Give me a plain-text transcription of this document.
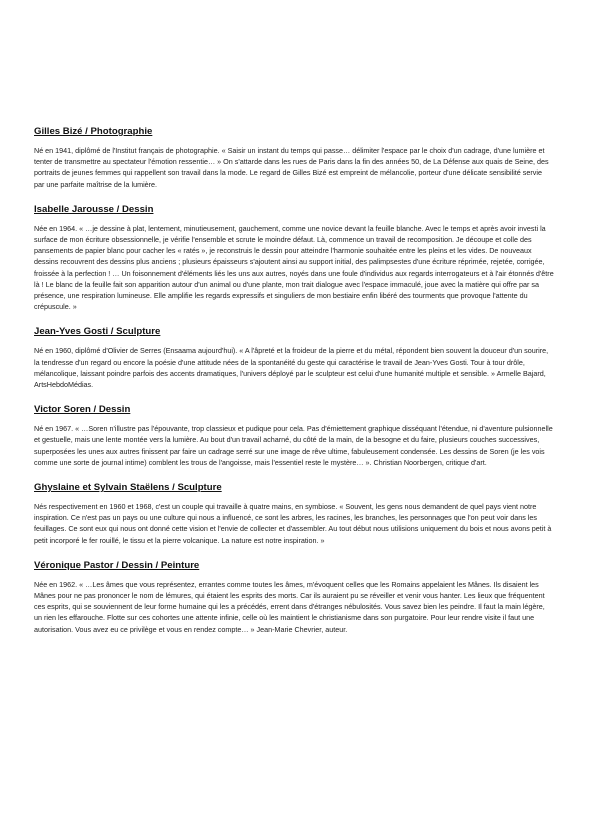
Gilles Bizé / Photographie

Né en 1941, diplômé de l'Institut français de photographie. « Saisir un instant du temps qui passe… délimiter l'espace par le choix d'un cadrage, d'une lumière et tenter de transmettre au spectateur l'émotion ressentie… » On s'attarde dans les rues de Paris dans la fin des années 50, de La Défense aux quais de Seine, des portraits de jeunes femmes qui rappellent son travail dans la mode. Le regard de Gilles Bizé est empreint de mélancolie, porteur d'une délicate sensibilité servie par une parfaite maîtrise de la lumière.

Isabelle Jarousse / Dessin

Née en 1964. « …je dessine à plat, lentement, minutieusement, gauchement, comme une novice devant la feuille blanche. Avec le temps et après avoir investi la surface de mon écriture obsessionnelle, je vérifie l'ensemble et scrute le moindre défaut. Là, commence un travail de recomposition. Je découpe et colle des pansements de papier blanc pour cacher les « ratés », je reconstruis le dessin pour atteindre l'harmonie souhaitée entre les pleins et les vides. De nouveaux dessins recouvrent des dessins plus anciens ; plusieurs épaisseurs s'ajoutent ainsi au support initial, des palimpsestes d'une écriture réprimée, rejetée, corrigée, froissée à la perfection ! … Un foisonnement d'éléments liés les uns aux autres, noyés dans une foule d'individus aux regards interrogateurs et à l'air étonnés d'être là ! Le blanc de la feuille fait son apparition autour d'un animal ou d'une plante, mon trait dialogue avec l'espace immaculé, joue avec la matière qui offre par sa présence, une respiration lumineuse. Elle amplifie les regards expressifs et singuliers de mon bestiaire enfin libéré des tourments que provoque l'attente du crépuscule. »

Jean-Yves Gosti / Sculpture

Né en 1960, diplômé d'Olivier de Serres (Ensaama aujourd'hui). « A l'âpreté et la froideur de la pierre et du métal, répondent bien souvent la douceur d'un sourire, la tendresse d'un regard ou encore la poésie d'une attitude nées de la spontanéité du geste qui caractérise le travail de Jean-Yves Gosti. Tour à tour drôle, mélancolique, laissant poindre parfois des accents dramatiques, l'univers déployé par le sculpteur est celui d'une humanité multiple et sensible. » Armelle Bajard, ArtsHebdoMédias.

Victor Soren / Dessin

Né en 1967. « …Soren n'illustre pas l'épouvante, trop classieux et pudique pour cela. Pas d'émiettement graphique disséquant l'étendue, ni d'aventure pulsionnelle et gestuelle, mais une lente montée vers la lumière. Au bout d'un travail acharné, du côté de la main, de la besogne et du faire, plusieurs couches successives, superposées les unes aux autres finissent par faire un cadrage serré sur une image de rêve ultime, fabuleusement condensée. Les dessins de Soren (je les vois comme une sorte de journal intime) comblent les trous de l'angoisse, mais l'essentiel reste le mystère… ». Christian Noorbergen, critique d'art.

Ghyslaine et Sylvain Staëlens / Sculpture

Nés respectivement en 1960 et 1968, c'est un couple qui travaille à quatre mains, en symbiose. « Souvent, les gens nous demandent de quel pays vient notre inspiration. Ce n'est pas un pays ou une culture qui nous a influencé, ce sont les arbres, les racines, les branches, les personnages que l'on peut voir dans les feuillages. Ce sont eux qui nous ont donné cette vision et l'envie de collecter et d'assembler. Au tout début nous utilisions uniquement du bois et nous avons petit à petit incorporé le fer rouillé, le tissu et la pierre volcanique. La nature est notre inspiration. »

Véronique Pastor / Dessin / Peinture

Née en 1962. « …Les âmes que vous représentez, errantes comme toutes les âmes, m'évoquent celles que les Romains appelaient les Mânes. Ils disaient les Mânes pour ne pas prononcer le nom de lémures, qui étaient les esprits des morts. Car ils auraient pu se réveiller et venir vous hanter. Les lieux que fréquentent ces esprits, qui se souviennent de leur forme humaine qui les a précédés, errent dans d'étranges nébulosités. Vous savez bien les peindre. Il faut la main légère, un rien les effarouche. Flotte sur ces cohortes une attente infinie, celle où les maintient le christianisme dans son purgatoire. Pour leur rendre visite il faut une autorisation. Vous avez eu ce privilège et vous en rendez compte… » Jean-Marie Chevrier, auteur.
